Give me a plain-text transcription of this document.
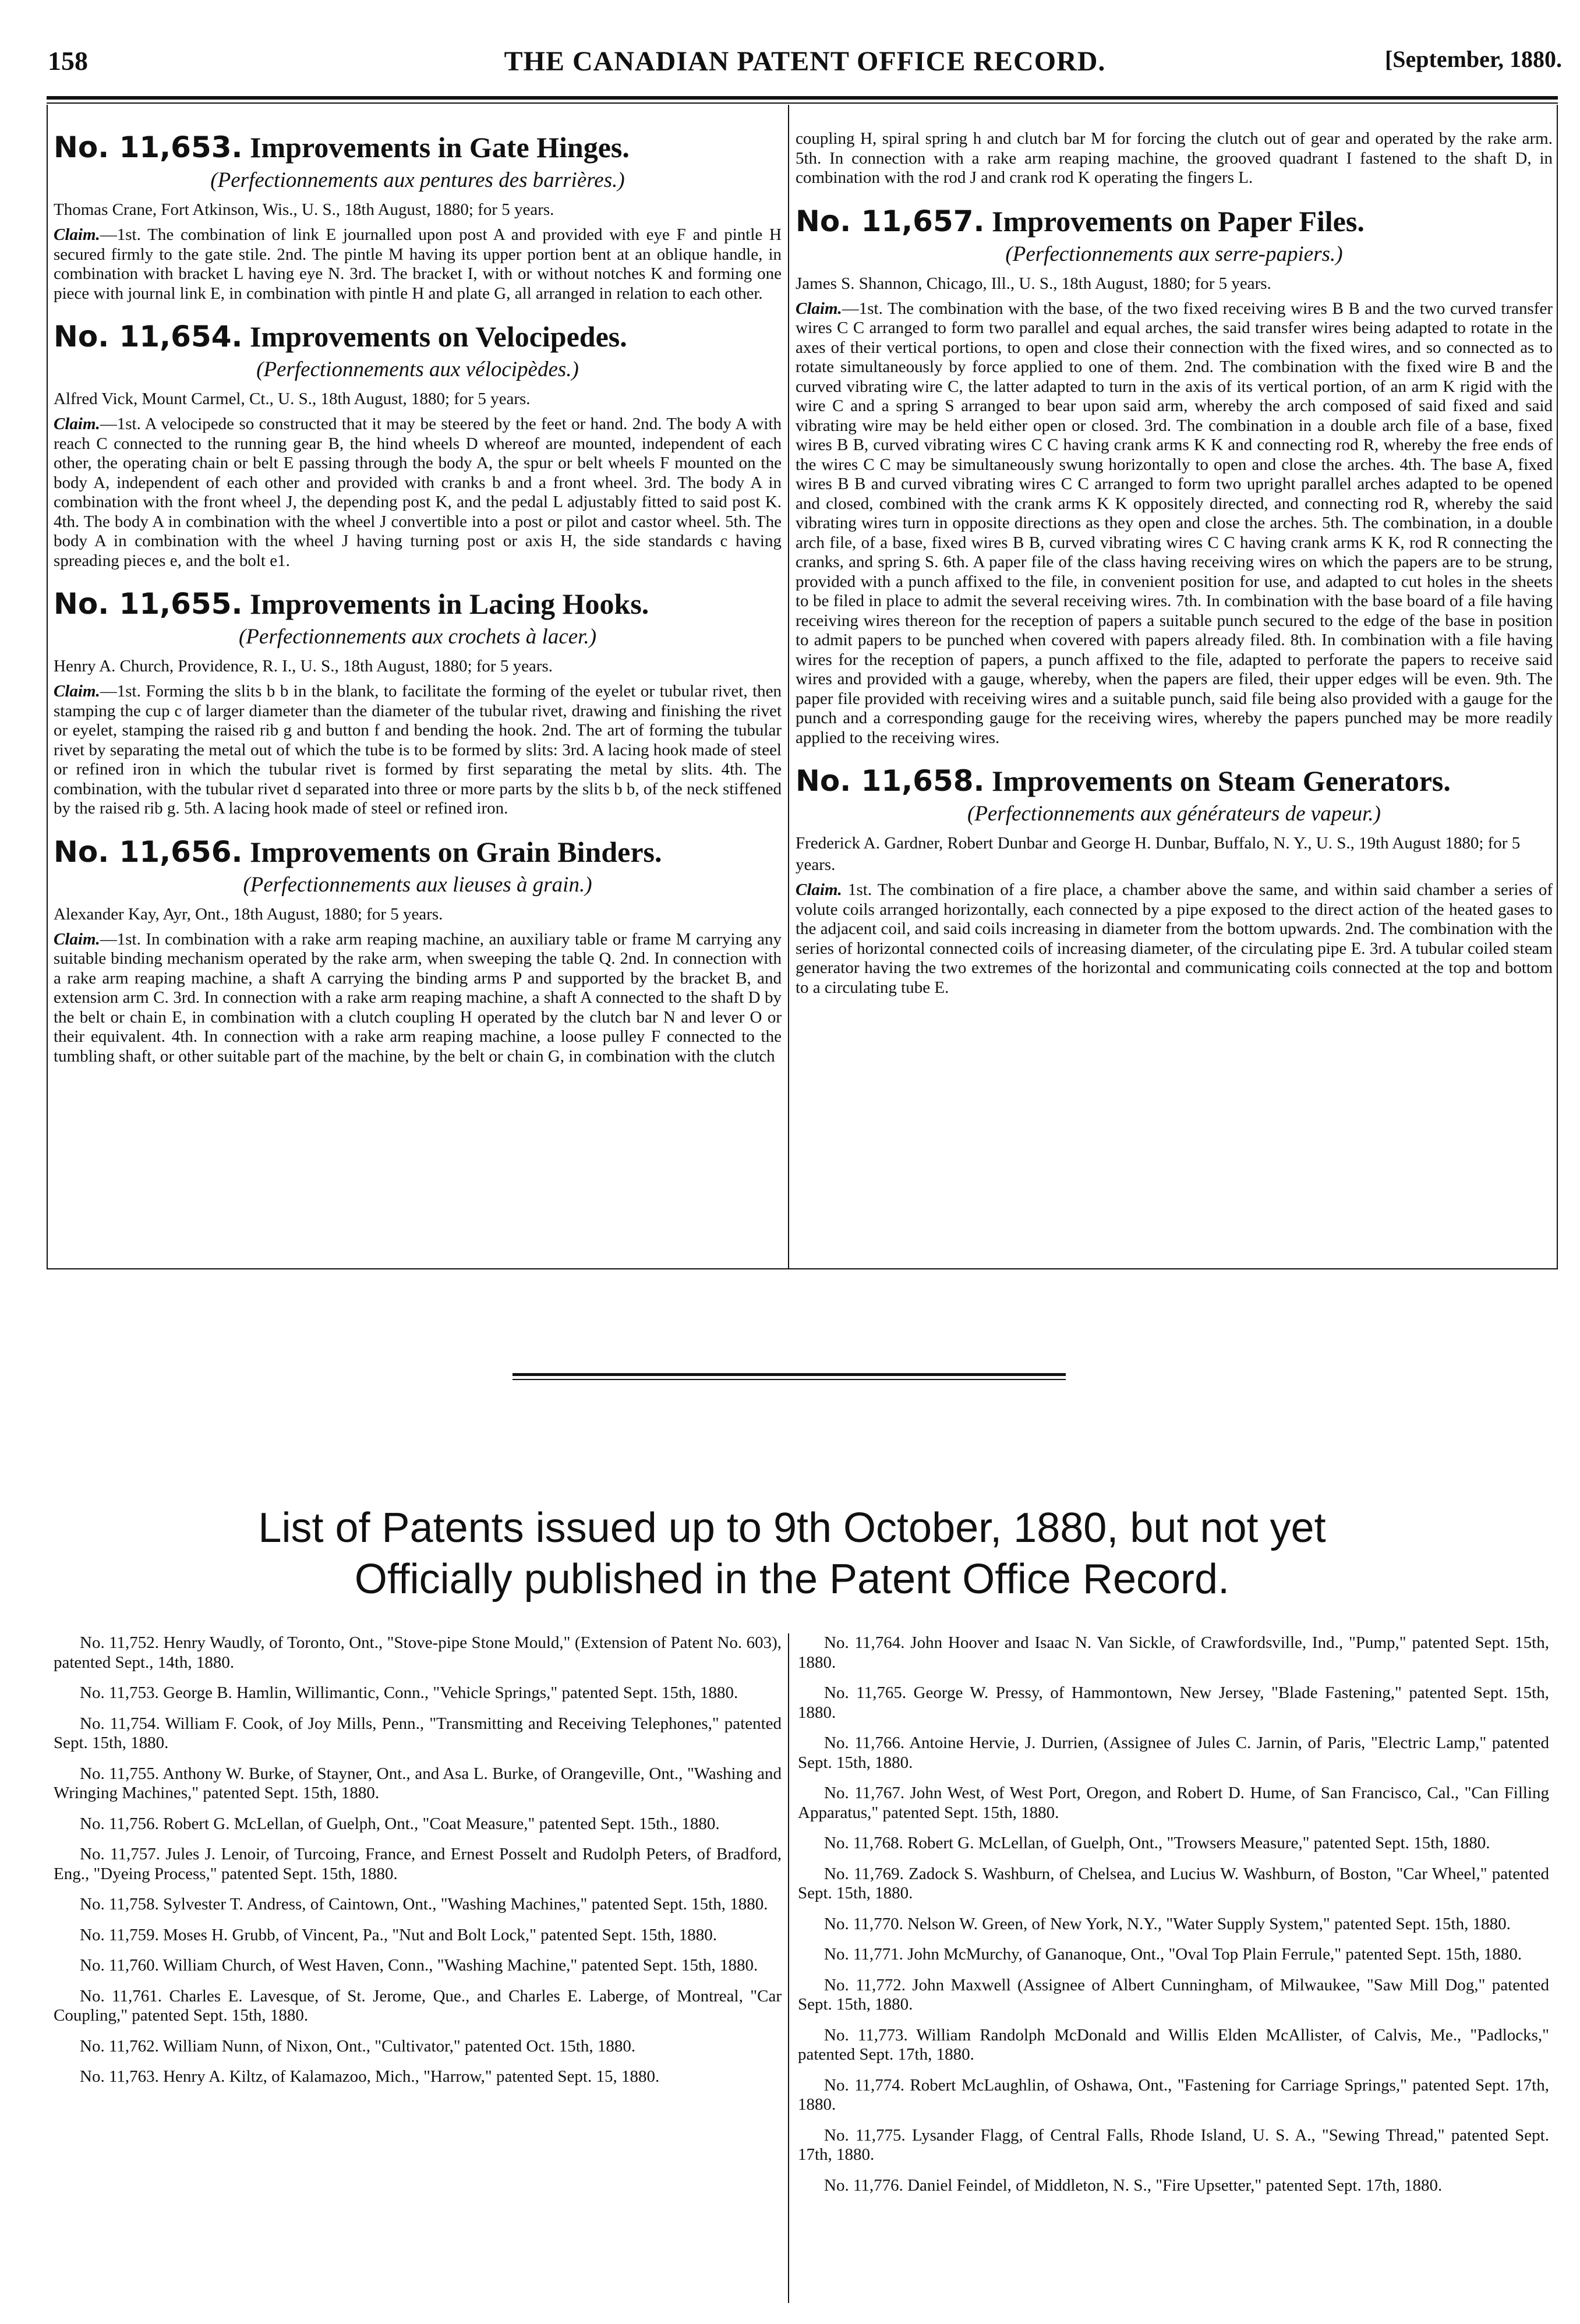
158	THE CANADIAN PATENT OFFICE RECORD.	[September, 1880.
No. 11,653. Improvements in Gate Hinges.
(Perfectionnements aux pentures des barrières.)
Thomas Crane, Fort Atkinson, Wis., U. S., 18th August, 1880; for 5 years.
Claim.—1st. The combination of link E journalled upon post A and provided with eye F and pintle H secured firmly to the gate stile. 2nd. The pintle M having its upper portion bent at an oblique handle, in combination with bracket L having eye N. 3rd. The bracket I, with or without notches K and forming one piece with journal link E, in combination with pintle H and plate G, all arranged in relation to each other.
No. 11,654. Improvements on Velocipedes.
(Perfectionnements aux vélocipèdes.)
Alfred Vick, Mount Carmel, Ct., U. S., 18th August, 1880; for 5 years.
Claim.—1st. A velocipede so constructed that it may be steered by the feet or hand. 2nd. The body A with reach C connected to the running gear B, the hind wheels D whereof are mounted, independent of each other, the operating chain or belt E passing through the body A, the spur or belt wheels F mounted on the body A, independent of each other and provided with cranks b and a front wheel. 3rd. The body A in combination with the front wheel J, the depending post K, and the pedal L adjustably fitted to said post K. 4th. The body A in combination with the wheel J convertible into a post or pilot and castor wheel. 5th. The body A in combination with the wheel J having turning post or axis H, the side standards c having spreading pieces e, and the bolt e1.
No. 11,655. Improvements in Lacing Hooks.
(Perfectionnements aux crochets à lacer.)
Henry A. Church, Providence, R. I., U. S., 18th August, 1880; for 5 years.
Claim.—1st. Forming the slits b b in the blank, to facilitate the forming of the eyelet or tubular rivet, then stamping the cup c of larger diameter than the diameter of the tubular rivet, drawing and finishing the rivet or eyelet, stamping the raised rib g and button f and bending the hook. 2nd. The art of forming the tubular rivet by separating the metal out of which the tube is to be formed by slits: 3rd. A lacing hook made of steel or refined iron in which the tubular rivet is formed by first separating the metal by slits. 4th. The combination, with the tubular rivet d separated into three or more parts by the slits b b, of the neck stiffened by the raised rib g. 5th. A lacing hook made of steel or refined iron.
No. 11,656. Improvements on Grain Binders.
(Perfectionnements aux lieuses à grain.)
Alexander Kay, Ayr, Ont., 18th August, 1880; for 5 years.
Claim.—1st. In combination with a rake arm reaping machine, an auxiliary table or frame M carrying any suitable binding mechanism operated by the rake arm, when sweeping the table Q. 2nd. In connection with a rake arm reaping machine, a shaft A carrying the binding arms P and supported by the bracket B, and extension arm C. 3rd. In connection with a rake arm reaping machine, a shaft A connected to the shaft D by the belt or chain E, in combination with a clutch coupling H operated by the clutch bar N and lever O or their equivalent. 4th. In connection with a rake arm reaping machine, a loose pulley F connected to the tumbling shaft, or other suitable part of the machine, by the belt or chain G, in combination with the clutch
coupling H, spiral spring h and clutch bar M for forcing the clutch out of gear and operated by the rake arm. 5th. In connection with a rake arm reaping machine, the grooved quadrant I fastened to the shaft D, in combination with the rod J and crank rod K operating the fingers L.
No. 11,657. Improvements on Paper Files.
(Perfectionnements aux serre-papiers.)
James S. Shannon, Chicago, Ill., U. S., 18th August, 1880; for 5 years.
Claim.—1st. The combination with the base, of the two fixed receiving wires B B and the two curved transfer wires C C arranged to form two parallel and equal arches, the said transfer wires being adapted to rotate in the axes of their vertical portions, to open and close their connection with the fixed wires, and so connected as to rotate simultaneously by force applied to one of them. 2nd. The combination with the fixed wire B and the curved vibrating wire C, the latter adapted to turn in the axis of its vertical portion, of an arm K rigid with the wire C and a spring S arranged to bear upon said arm, whereby the arch composed of said fixed and said vibrating wire may be held either open or closed. 3rd. The combination in a double arch file of a base, fixed wires B B, curved vibrating wires C C having crank arms K K and connecting rod R, whereby the free ends of the wires C C may be simultaneously swung horizontally to open and close the arches. 4th. The base A, fixed wires B B and curved vibrating wires C C arranged to form two upright parallel arches adapted to be opened and closed, combined with the crank arms K K oppositely directed, and connecting rod R, whereby the said vibrating wires turn in opposite directions as they open and close the arches. 5th. The combination, in a double arch file, of a base, fixed wires B B, curved vibrating wires C C having crank arms K K, rod R connecting the cranks, and spring S. 6th. A paper file of the class having receiving wires on which the papers are to be strung, provided with a punch affixed to the file, in convenient position for use, and adapted to cut holes in the sheets to be filed in place to admit the several receiving wires. 7th. In combination with the base board of a file having receiving wires thereon for the reception of papers a suitable punch secured to the edge of the base in position to admit papers to be punched when covered with papers already filed. 8th. In combination with a file having wires for the reception of papers, a punch affixed to the file, adapted to perforate the papers to receive said wires and provided with a gauge, whereby, when the papers are filed, their upper edges will be even. 9th. The paper file provided with receiving wires and a suitable punch, said file being also provided with a gauge for the punch and a corresponding gauge for the receiving wires, whereby the papers punched may be more readily applied to the receiving wires.
No. 11,658. Improvements on Steam Generators.
(Perfectionnements aux générateurs de vapeur.)
Frederick A. Gardner, Robert Dunbar and George H. Dunbar, Buffalo, N. Y., U. S., 19th August 1880; for 5 years.
Claim. 1st. The combination of a fire place, a chamber above the same, and within said chamber a series of volute coils arranged horizontally, each connected by a pipe exposed to the direct action of the heated gases to the adjacent coil, and said coils increasing in diameter from the bottom upwards. 2nd. The combination with the series of horizontal connected coils of increasing diameter, of the circulating pipe E. 3rd. A tubular coiled steam generator having the two extremes of the horizontal and communicating coils connected at the top and bottom to a circulating tube E.
List of Patents issued up to 9th October, 1880, but not yet
Officially published in the Patent Office Record.
No. 11,752. Henry Waudly, of Toronto, Ont., "Stove-pipe Stone Mould," (Extension of Patent No. 603), patented Sept., 14th, 1880.
No. 11,753. George B. Hamlin, Willimantic, Conn., "Vehicle Springs," patented Sept. 15th, 1880.
No. 11,754. William F. Cook, of Joy Mills, Penn., "Transmitting and Receiving Telephones," patented Sept. 15th, 1880.
No. 11,755. Anthony W. Burke, of Stayner, Ont., and Asa L. Burke, of Orangeville, Ont., "Washing and Wringing Machines," patented Sept. 15th, 1880.
No. 11,756. Robert G. McLellan, of Guelph, Ont., "Coat Measure," patented Sept. 15th., 1880.
No. 11,757. Jules J. Lenoir, of Turcoing, France, and Ernest Posselt and Rudolph Peters, of Bradford, Eng., "Dyeing Process," patented Sept. 15th, 1880.
No. 11,758. Sylvester T. Andress, of Caintown, Ont., "Washing Machines," patented Sept. 15th, 1880.
No. 11,759. Moses H. Grubb, of Vincent, Pa., "Nut and Bolt Lock," patented Sept. 15th, 1880.
No. 11,760. William Church, of West Haven, Conn., "Washing Machine," patented Sept. 15th, 1880.
No. 11,761. Charles E. Lavesque, of St. Jerome, Que., and Charles E. Laberge, of Montreal, "Car Coupling," patented Sept. 15th, 1880.
No. 11,762. William Nunn, of Nixon, Ont., "Cultivator," patented Oct. 15th, 1880.
No. 11,763. Henry A. Kiltz, of Kalamazoo, Mich., "Harrow," patented Sept. 15, 1880.
No. 11,764. John Hoover and Isaac N. Van Sickle, of Crawfordsville, Ind., "Pump," patented Sept. 15th, 1880.
No. 11,765. George W. Pressy, of Hammontown, New Jersey, "Blade Fastening," patented Sept. 15th, 1880.
No. 11,766. Antoine Hervie, J. Durrien, (Assignee of Jules C. Jarnin, of Paris, "Electric Lamp," patented Sept. 15th, 1880.
No. 11,767. John West, of West Port, Oregon, and Robert D. Hume, of San Francisco, Cal., "Can Filling Apparatus," patented Sept. 15th, 1880.
No. 11,768. Robert G. McLellan, of Guelph, Ont., "Trowsers Measure," patented Sept. 15th, 1880.
No. 11,769. Zadock S. Washburn, of Chelsea, and Lucius W. Washburn, of Boston, "Car Wheel," patented Sept. 15th, 1880.
No. 11,770. Nelson W. Green, of New York, N.Y., "Water Supply System," patented Sept. 15th, 1880.
No. 11,771. John McMurchy, of Gananoque, Ont., "Oval Top Plain Ferrule," patented Sept. 15th, 1880.
No. 11,772. John Maxwell (Assignee of Albert Cunningham, of Milwaukee, "Saw Mill Dog," patented Sept. 15th, 1880.
No. 11,773. William Randolph McDonald and Willis Elden McAllister, of Calvis, Me., "Padlocks," patented Sept. 17th, 1880.
No. 11,774. Robert McLaughlin, of Oshawa, Ont., "Fastening for Carriage Springs," patented Sept. 17th, 1880.
No. 11,775. Lysander Flagg, of Central Falls, Rhode Island, U. S. A., "Sewing Thread," patented Sept. 17th, 1880.
No. 11,776. Daniel Feindel, of Middleton, N. S., "Fire Upsetter," patented Sept. 17th, 1880.
